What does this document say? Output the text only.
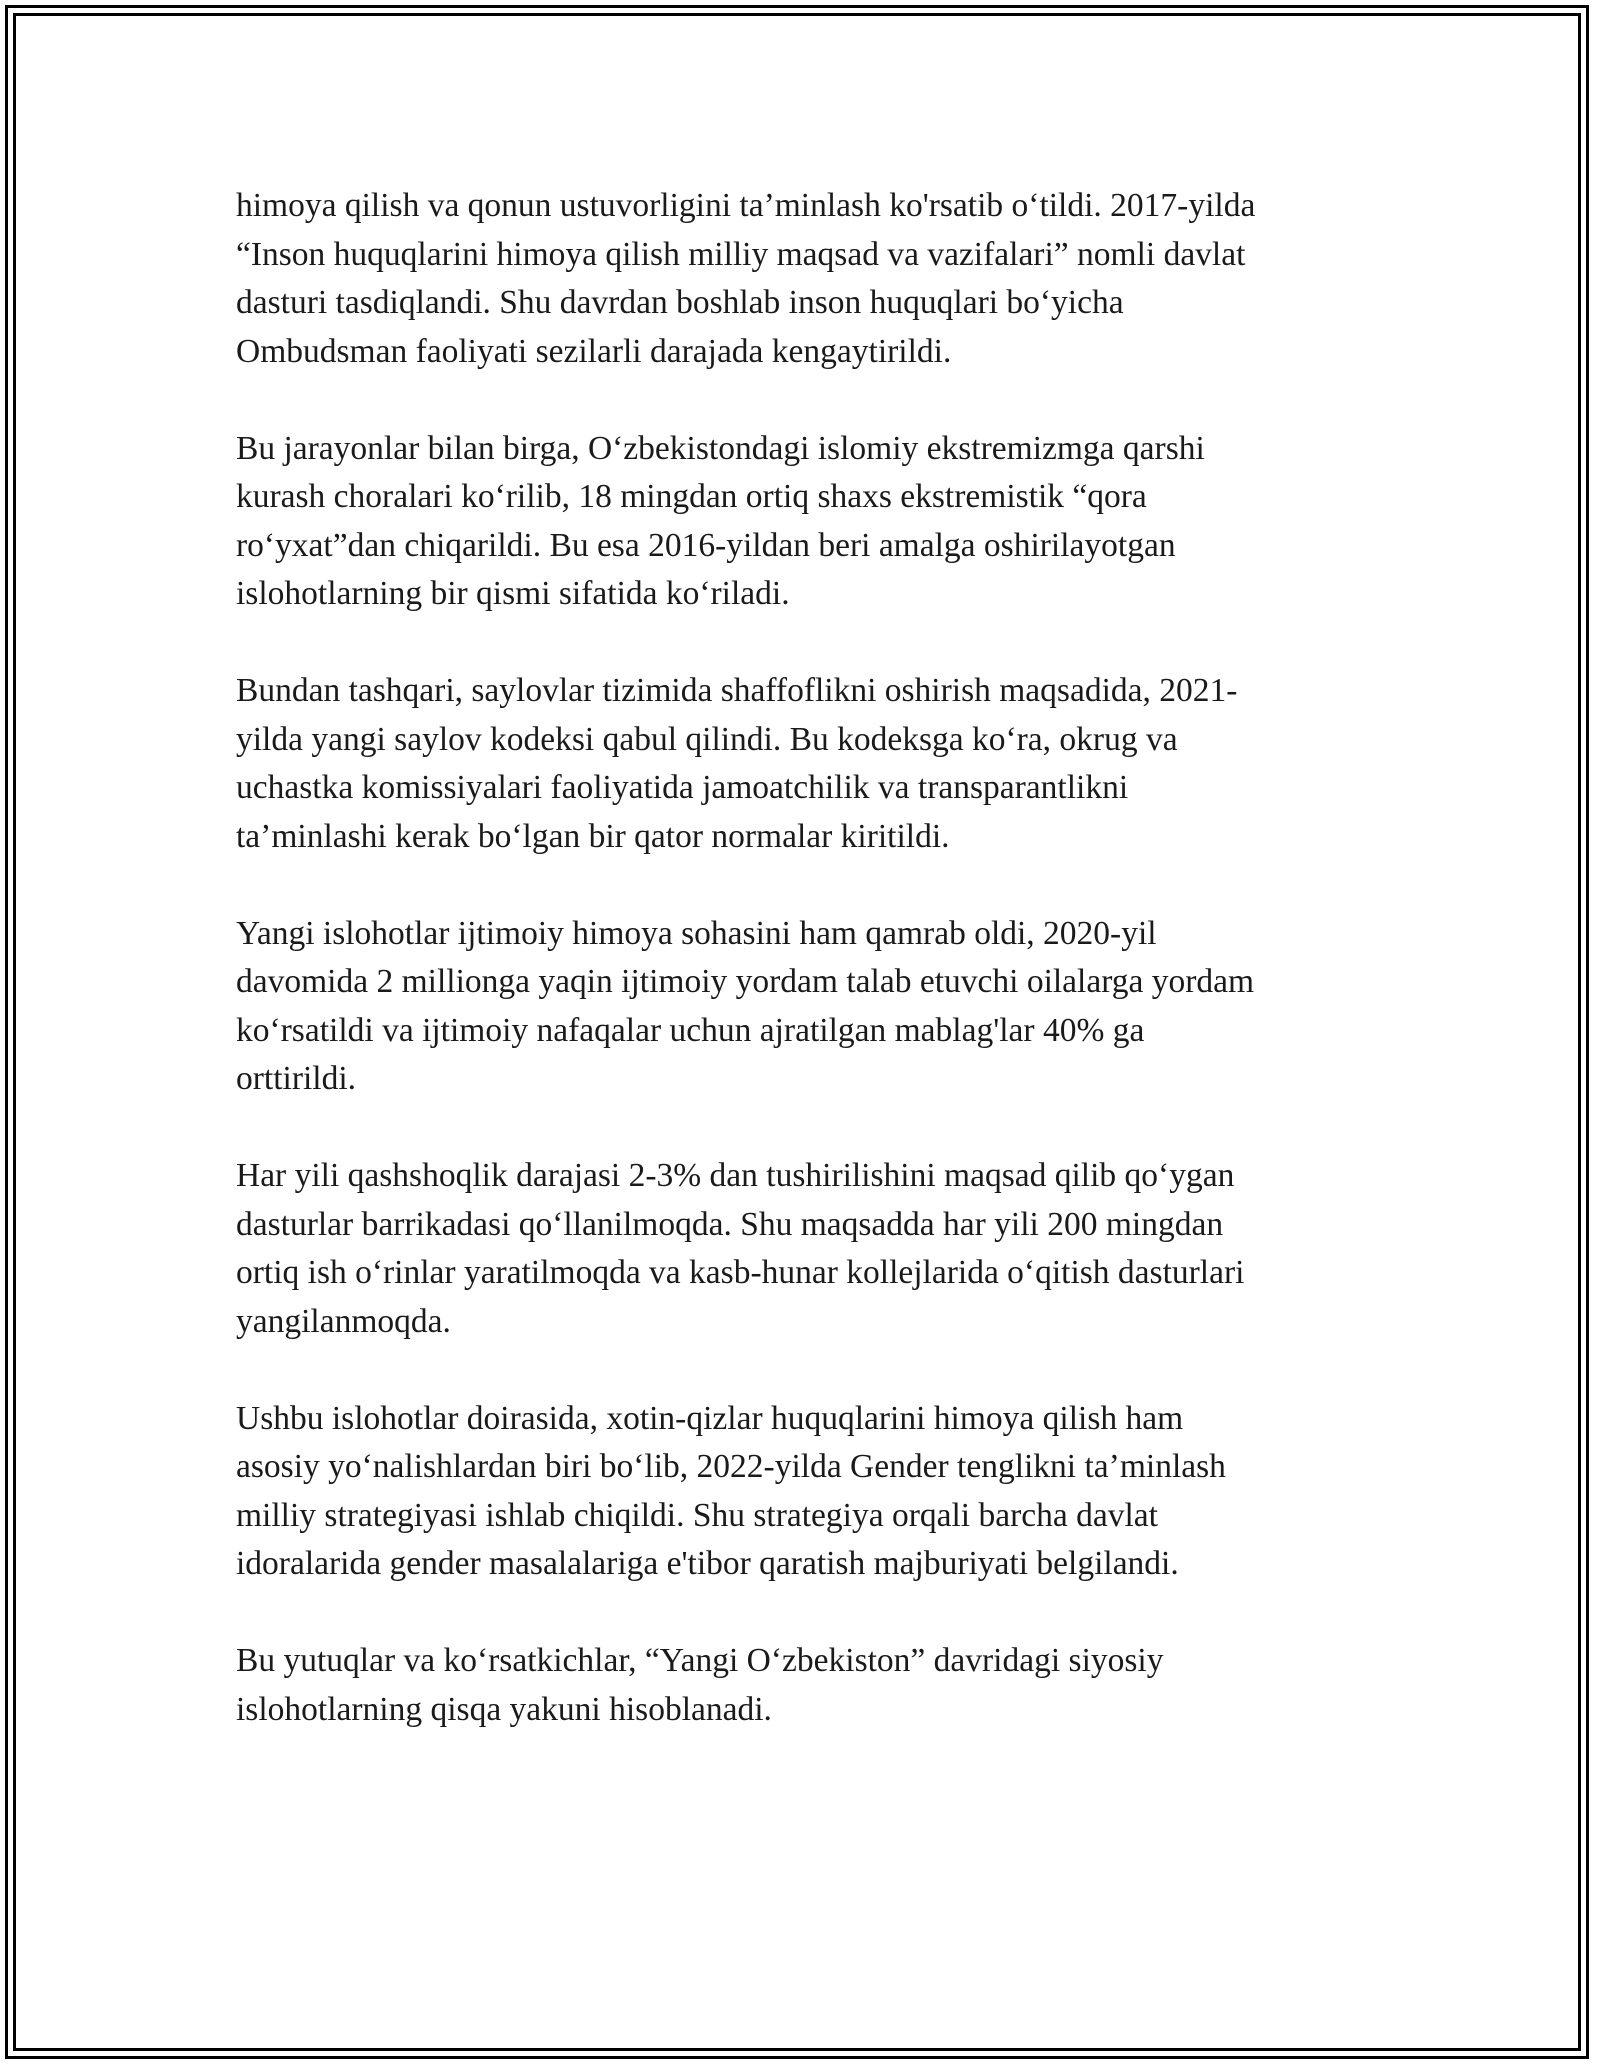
himoya qilish va qonun ustuvorligini ta’minlash ko'rsatib o‘tildi. 2017-yilda
“Inson huquqlarini himoya qilish milliy maqsad va vazifalari” nomli davlat
dasturi tasdiqlandi. Shu davrdan boshlab inson huquqlari bo‘yicha
Ombudsman faoliyati sezilarli darajada kengaytirildi.

Bu jarayonlar bilan birga, O‘zbekistondagi islomiy ekstremizmga qarshi
kurash choralari ko‘rilib, 18 mingdan ortiq shaxs ekstremistik “qora
ro‘yxat”dan chiqarildi. Bu esa 2016-yildan beri amalga oshirilayotgan
islohotlarning bir qismi sifatida ko‘riladi.

Bundan tashqari, saylovlar tizimida shaffoflikni oshirish maqsadida, 2021-
yilda yangi saylov kodeksi qabul qilindi. Bu kodeksga ko‘ra, okrug va
uchastka komissiyalari faoliyatida jamoatchilik va transparantlikni
ta’minlashi kerak bo‘lgan bir qator normalar kiritildi.

Yangi islohotlar ijtimoiy himoya sohasini ham qamrab oldi, 2020-yil
davomida 2 millionga yaqin ijtimoiy yordam talab etuvchi oilalarga yordam
ko‘rsatildi va ijtimoiy nafaqalar uchun ajratilgan mablag'lar 40% ga
orttirildi.

Har yili qashshoqlik darajasi 2-3% dan tushirilishini maqsad qilib qo‘ygan
dasturlar barrikadasi qo‘llanilmoqda. Shu maqsadda har yili 200 mingdan
ortiq ish o‘rinlar yaratilmoqda va kasb-hunar kollejlarida o‘qitish dasturlari
yangilanmoqda.

Ushbu islohotlar doirasida, xotin-qizlar huquqlarini himoya qilish ham
asosiy yo‘nalishlardan biri bo‘lib, 2022-yilda Gender tenglikni ta’minlash
milliy strategiyasi ishlab chiqildi. Shu strategiya orqali barcha davlat
idoralarida gender masalalariga e'tibor qaratish majburiyati belgilandi.

Bu yutuqlar va ko‘rsatkichlar, “Yangi O‘zbekiston” davridagi siyosiy
islohotlarning qisqa yakuni hisoblanadi.
